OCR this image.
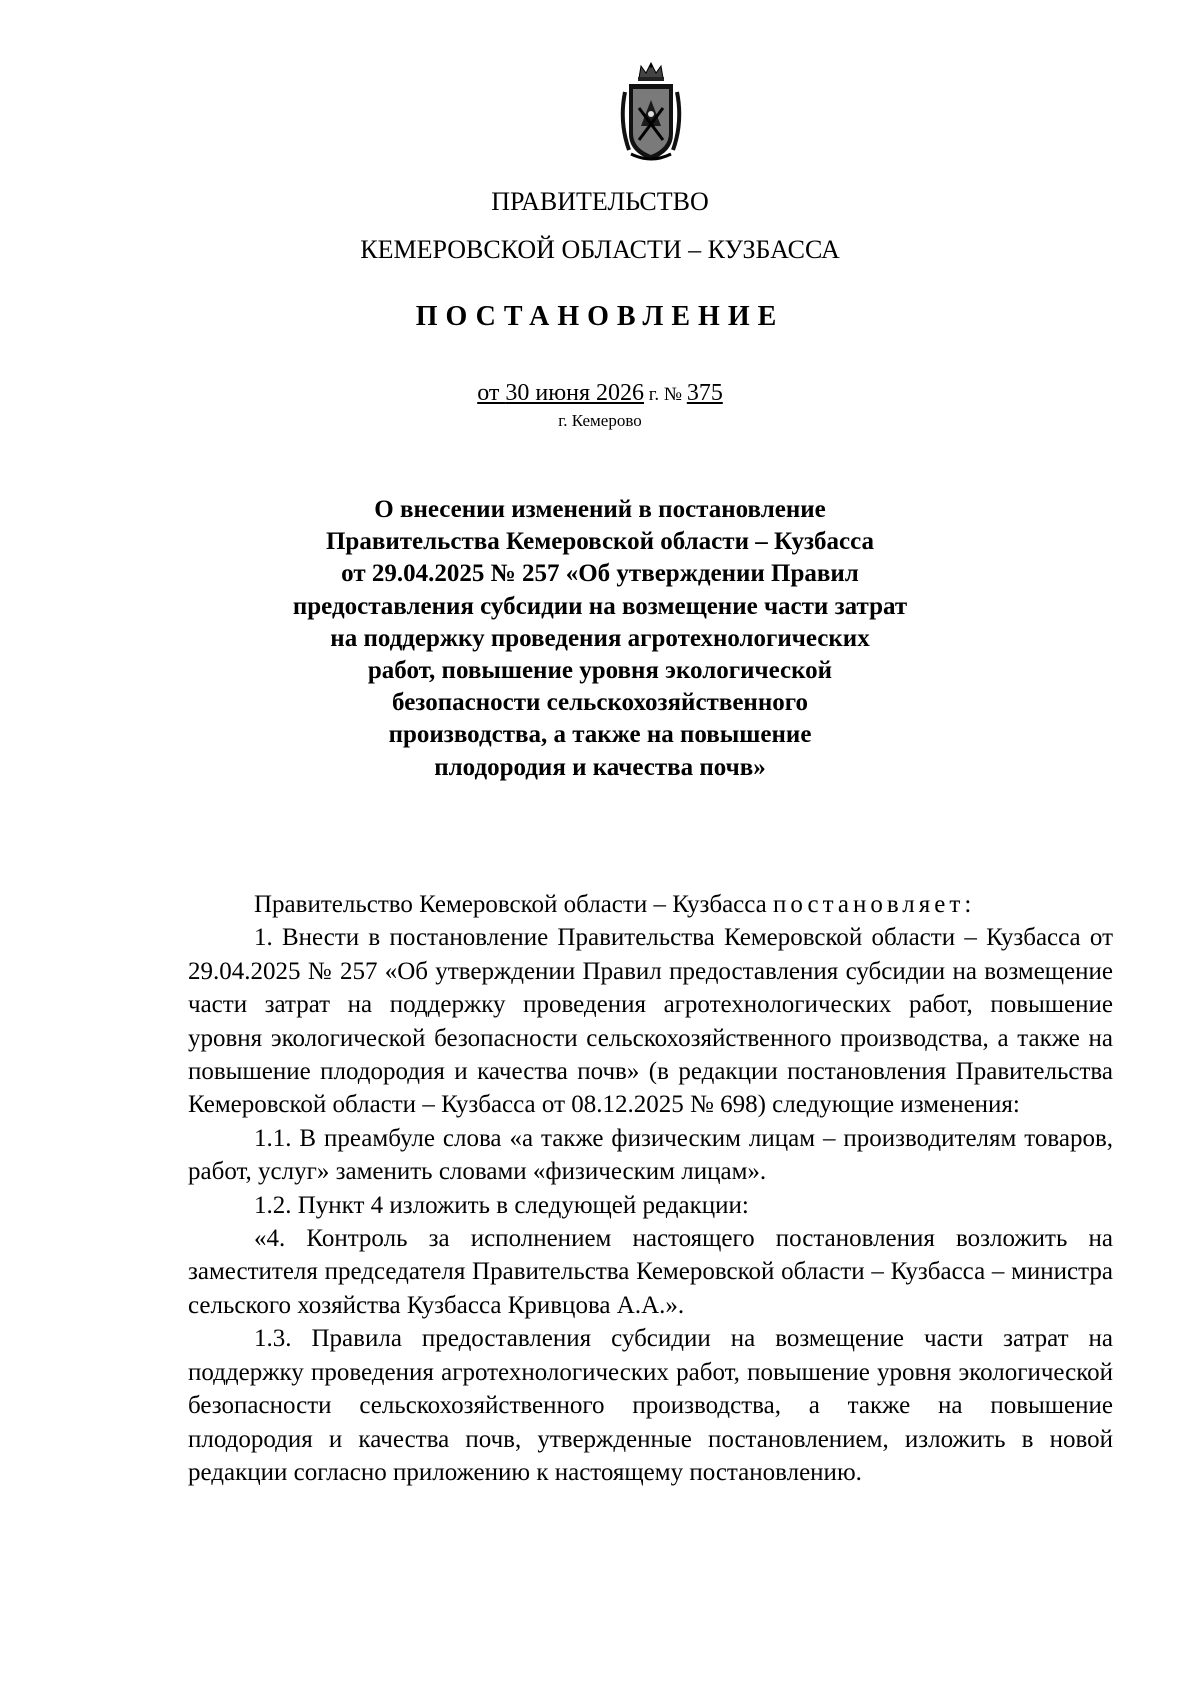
ПРАВИТЕЛЬСТВО
КЕМЕРОВСКОЙ ОБЛАСТИ – КУЗБАССА
ПОСТАНОВЛЕНИЕ
от 30 июня 2026 г. № 375
г. Кемерово
О внесении изменений в постановление
Правительства Кемеровской области – Кузбасса
от 29.04.2025 № 257 «Об утверждении Правил
предоставления субсидии на возмещение части затрат
на поддержку проведения агротехнологических
работ, повышение уровня экологической
безопасности сельскохозяйственного
производства, а также на повышение
плодородия и качества почв»

Правительство Кемеровской области – Кузбасса постановляет:

1. Внести в постановление Правительства Кемеровской области – Кузбасса от 29.04.2025 № 257 «Об утверждении Правил предоставления субсидии на возмещение части затрат на поддержку проведения агротехнологических работ, повышение уровня экологической безопасности сельскохозяйственного производства, а также на повышение плодородия и качества почв» (в редакции постановления Правительства Кемеровской области – Кузбасса от 08.12.2025 № 698) следующие изменения:

1.1. В преамбуле слова «а также физическим лицам – производителям товаров, работ, услуг» заменить словами «физическим лицам».

1.2. Пункт 4 изложить в следующей редакции:

«4. Контроль за исполнением настоящего постановления возложить на заместителя председателя Правительства Кемеровской области – Кузбасса – министра сельского хозяйства Кузбасса Кривцова А.А.».

1.3. Правила предоставления субсидии на возмещение части затрат на поддержку проведения агротехнологических работ, повышение уровня экологической безопасности сельскохозяйственного производства, а также на повышение плодородия и качества почв, утвержденные постановлением, изложить в новой редакции согласно приложению к настоящему постановлению.
